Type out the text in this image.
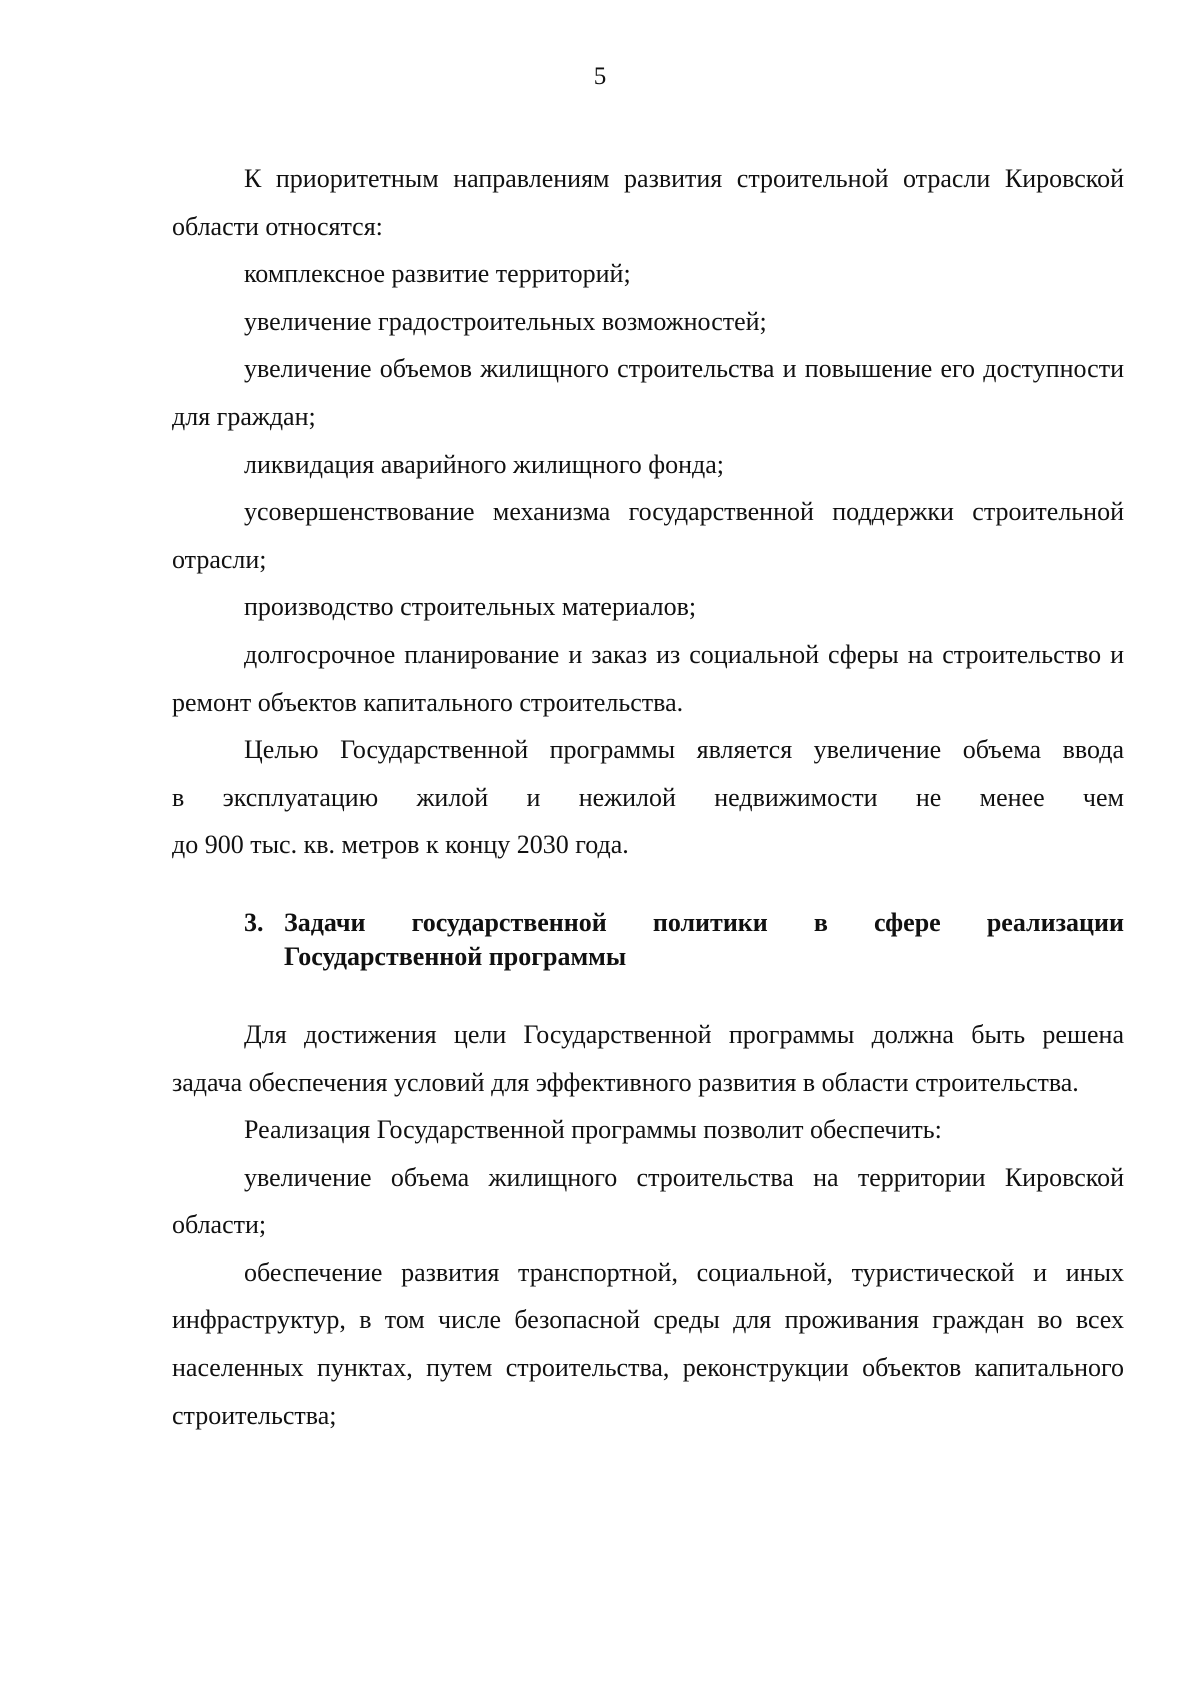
5

К приоритетным направлениям развития строительной отрасли Кировской области относятся:

комплексное развитие территорий;

увеличение градостроительных возможностей;

увеличение объемов жилищного строительства и повышение его доступности для граждан;

ликвидация аварийного жилищного фонда;

усовершенствование механизма государственной поддержки строительной отрасли;

производство строительных материалов;

долгосрочное планирование и заказ из социальной сферы на строительство и ремонт объектов капитального строительства.

Целью Государственной программы является увеличение объема ввода

в эксплуатацию жилой и нежилой недвижимости не менее чем

до 900 тыс. кв. метров к концу 2030 года.

3. Задачи государственной политики в сфере реализации
Государственной программы

Для достижения цели Государственной программы должна быть решена задача обеспечения условий для эффективного развития в области строительства.

Реализация Государственной программы позволит обеспечить:

увеличение объема жилищного строительства на территории Кировской области;

обеспечение развития транспортной, социальной, туристической и иных инфраструктур, в том числе безопасной среды для проживания граждан во всех населенных пунктах, путем строительства, реконструкции объектов капитального строительства;
